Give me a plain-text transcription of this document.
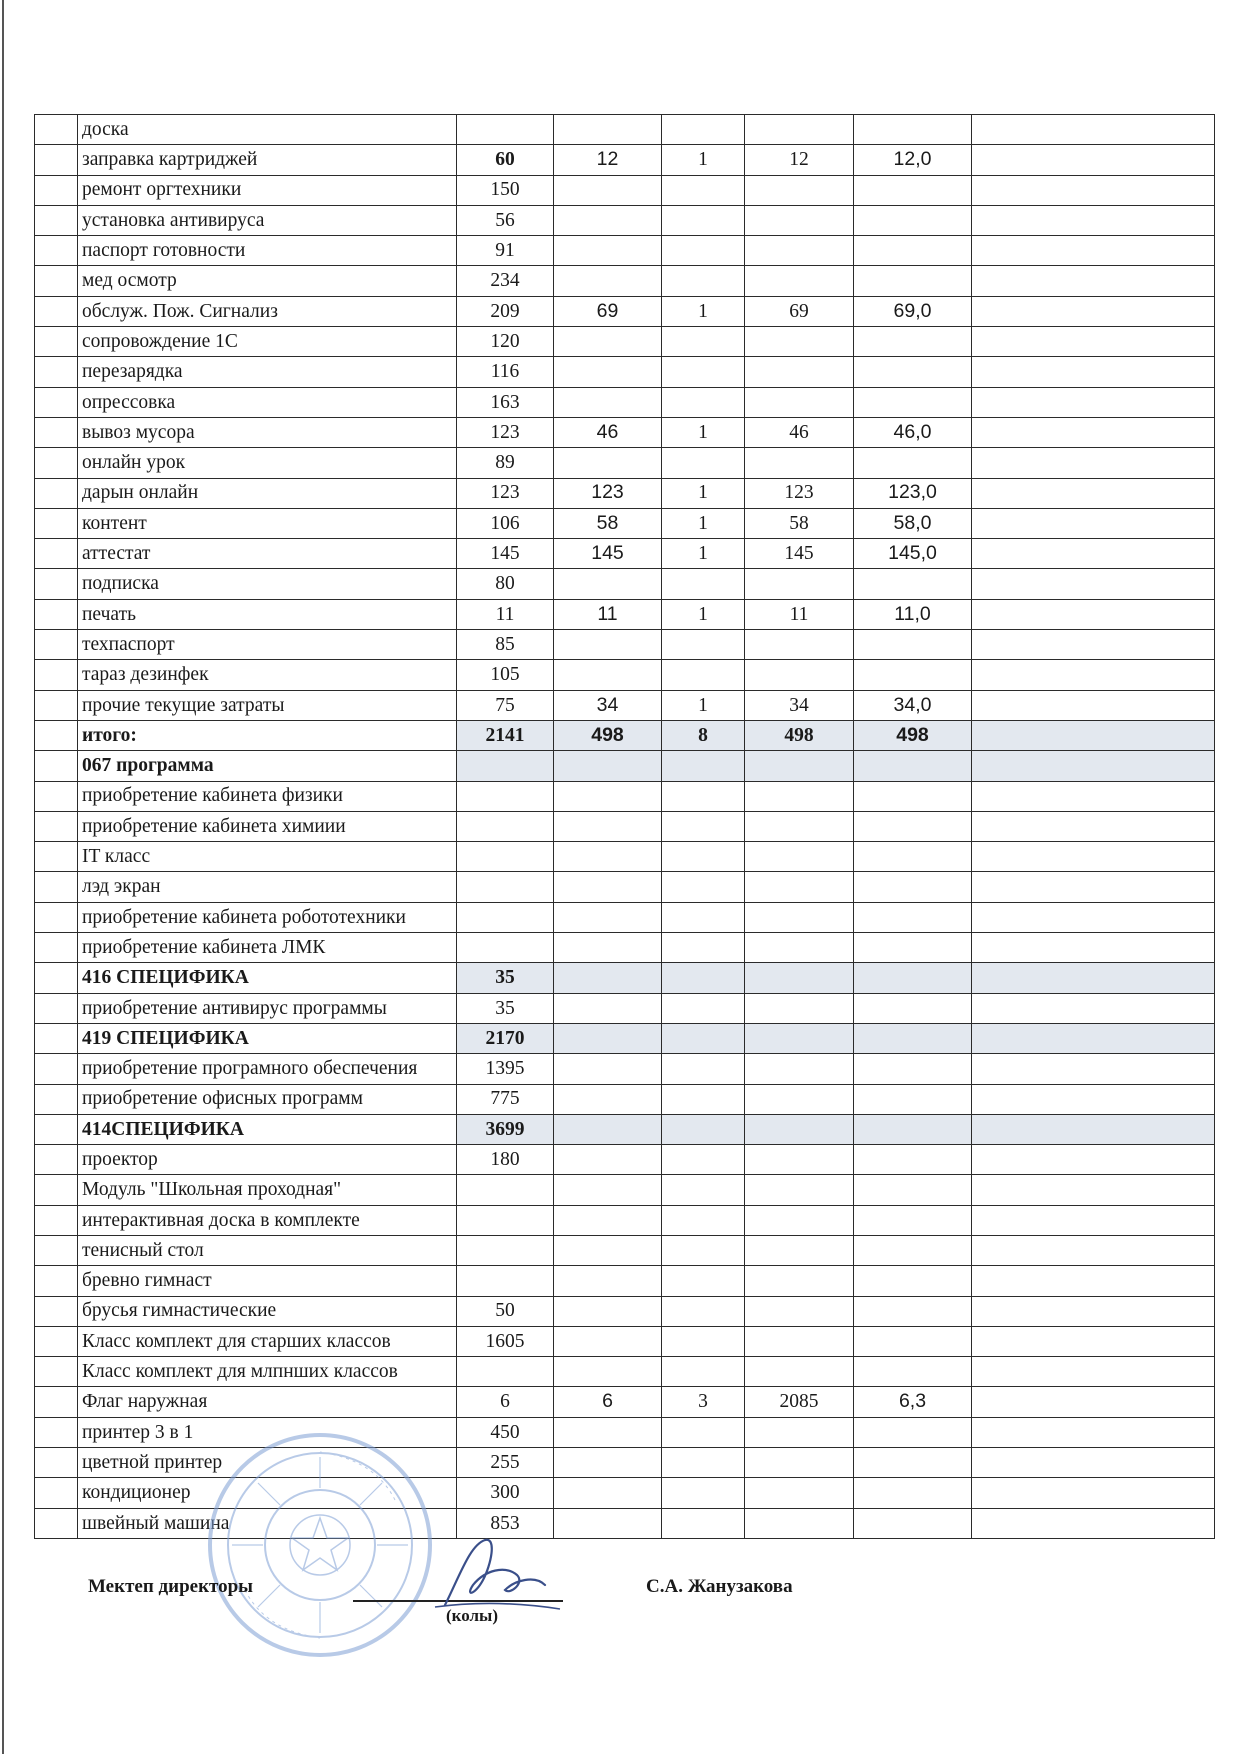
	доска						
	заправка картриджей	60	12	1	12	12,0	
	ремонт оргтехники	150					
	установка антивируса	56					
	паспорт готовности	91					
	мед осмотр	234					
	обслуж. Пож. Сигнализ	209	69	1	69	69,0	
	сопровождение 1С	120					
	перезарядка	116					
	опрессовка	163					
	вывоз мусора	123	46	1	46	46,0	
	онлайн урок	89					
	дарын онлайн	123	123	1	123	123,0	
	контент	106	58	1	58	58,0	
	аттестат	145	145	1	145	145,0	
	подписка	80					
	печать	11	11	1	11	11,0	
	техпаспорт	85					
	тараз дезинфек	105					
	прочие текущие затраты	75	34	1	34	34,0	
	итого:	2141	498	8	498	498	
	067 программа						
	приобретение кабинета физики						
	приобретение кабинета химиии						
	IT класс						
	лэд экран						
	приобретение кабинета робототехники						
	приобретение кабинета ЛМК						
	416 СПЕЦИФИКА	35					
	приобретение антивирус программы	35					
	419 СПЕЦИФИКА	2170					
	приобретение програмного обеспечения	1395					
	приобретение офисных программ	775					
	414СПЕЦИФИКА	3699					
	проектор	180					
	Модуль "Школьная проходная"						
	интерактивная доска в комплекте						
	тенисный стол						
	бревно гимнаст						
	брусья гимнастические	50					
	Класс комплект для старших классов	1605					
	Класс комплект для млпнших классов						
	Флаг наружная	6	6	3	2085	6,3	
	принтер 3 в 1	450					
	цветной принтер	255					
	кондиционер	300					
	швейный машина	853					
Мектеп директоры
(колы)
С.А. Жанузакова
